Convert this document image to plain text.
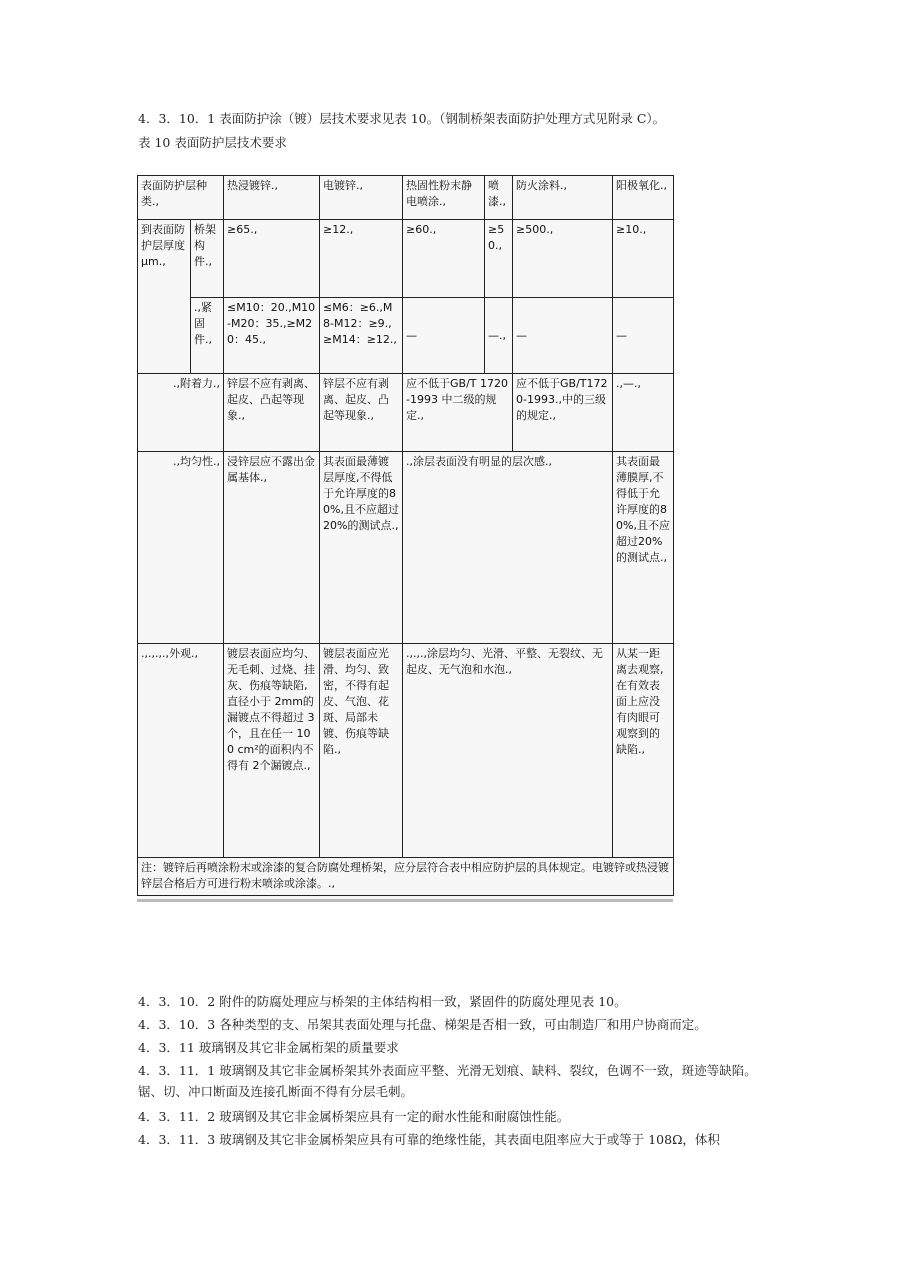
4．3．10．1 表面防护涂（镀）层技术要求见表 10。（钢制桥架表面防护处理方式见附录 C）。
表 10 表面防护层技术要求
表面防护层种类.,		热浸镀锌.,	电镀锌.,	热固性粉末静电喷涂.,	喷漆.,	防火涂料.,	阳极氧化.,
到表面防护层厚度μm.,	桥架构件.,	≥65.,	≥12.,	≥60.,	≥50.,	≥500.,	≥10.,
	.,紧固件.,	≤M10：20.,M10-M20：35.,≥M20：45.,	≤M6：≥6.,M8-M12：≥9.,≥M14：≥12.,	—	—.,	—	—
.,附着力.,		锌层不应有剥离、起皮、凸起等现象.,	锌层不应有剥离、起皮、凸起等现象.,	应不低于GB/T 1720-1993 中二级的规定.,		应不低于GB/T1720-1993.,中的三级的规定.,	.,—.,
.,均匀性.,		浸锌层应不露出金属基体.,	其表面最薄镀层厚度,不得低于允许厚度的80%,且不应超过 20%的测试点.,	.,涂层表面没有明显的层次感.,			其表面最薄膜厚,不得低于允许厚度的80%,且不应超过20%的测试点.,
.,.,.,.,外观.,		镀层表面应均匀、无毛刺、过烧、挂灰、伤痕等缺陷,直径小于 2mm的漏镀点不得超过 3个，且在任一 100 cm²的面积内不得有 2个漏镀点.,	镀层表面应光滑、均匀、致密，不得有起皮、气泡、花斑、局部未镀、伤痕等缺陷.,	.,.,.,涂层均匀、光滑、平整、无裂纹、无起皮、无气泡和水泡.,			从某一距离去观察,在有效表面上应没有肉眼可观察到的缺陷.,
注：镀锌后再喷涂粉末或涂漆的复合防腐处理桥架，应分层符合表中相应防护层的具体规定。电镀锌或热浸镀锌层合格后方可进行粉末喷涂或涂漆。.,							
4．3．10．2 附件的防腐处理应与桥架的主体结构相一致，紧固件的防腐处理见表 10。
4．3．10．3 各种类型的支、吊架其表面处理与托盘、梯架是否相一致，可由制造厂和用户协商而定。
4．3．11 玻璃钢及其它非金属桁架的质量要求
4．3．11．1 玻璃钢及其它非金属桥架其外表面应平整、光滑无划痕、缺料、裂纹，色调不一致，斑迹等缺陷。锯、切、冲口断面及连接孔断面不得有分层毛刺。
4．3．11．2 玻璃钢及其它非金属桥架应具有一定的耐水性能和耐腐蚀性能。
4．3．11．3 玻璃钢及其它非金属桥架应具有可靠的绝缘性能，其表面电阻率应大于或等于 108Ω，体积
